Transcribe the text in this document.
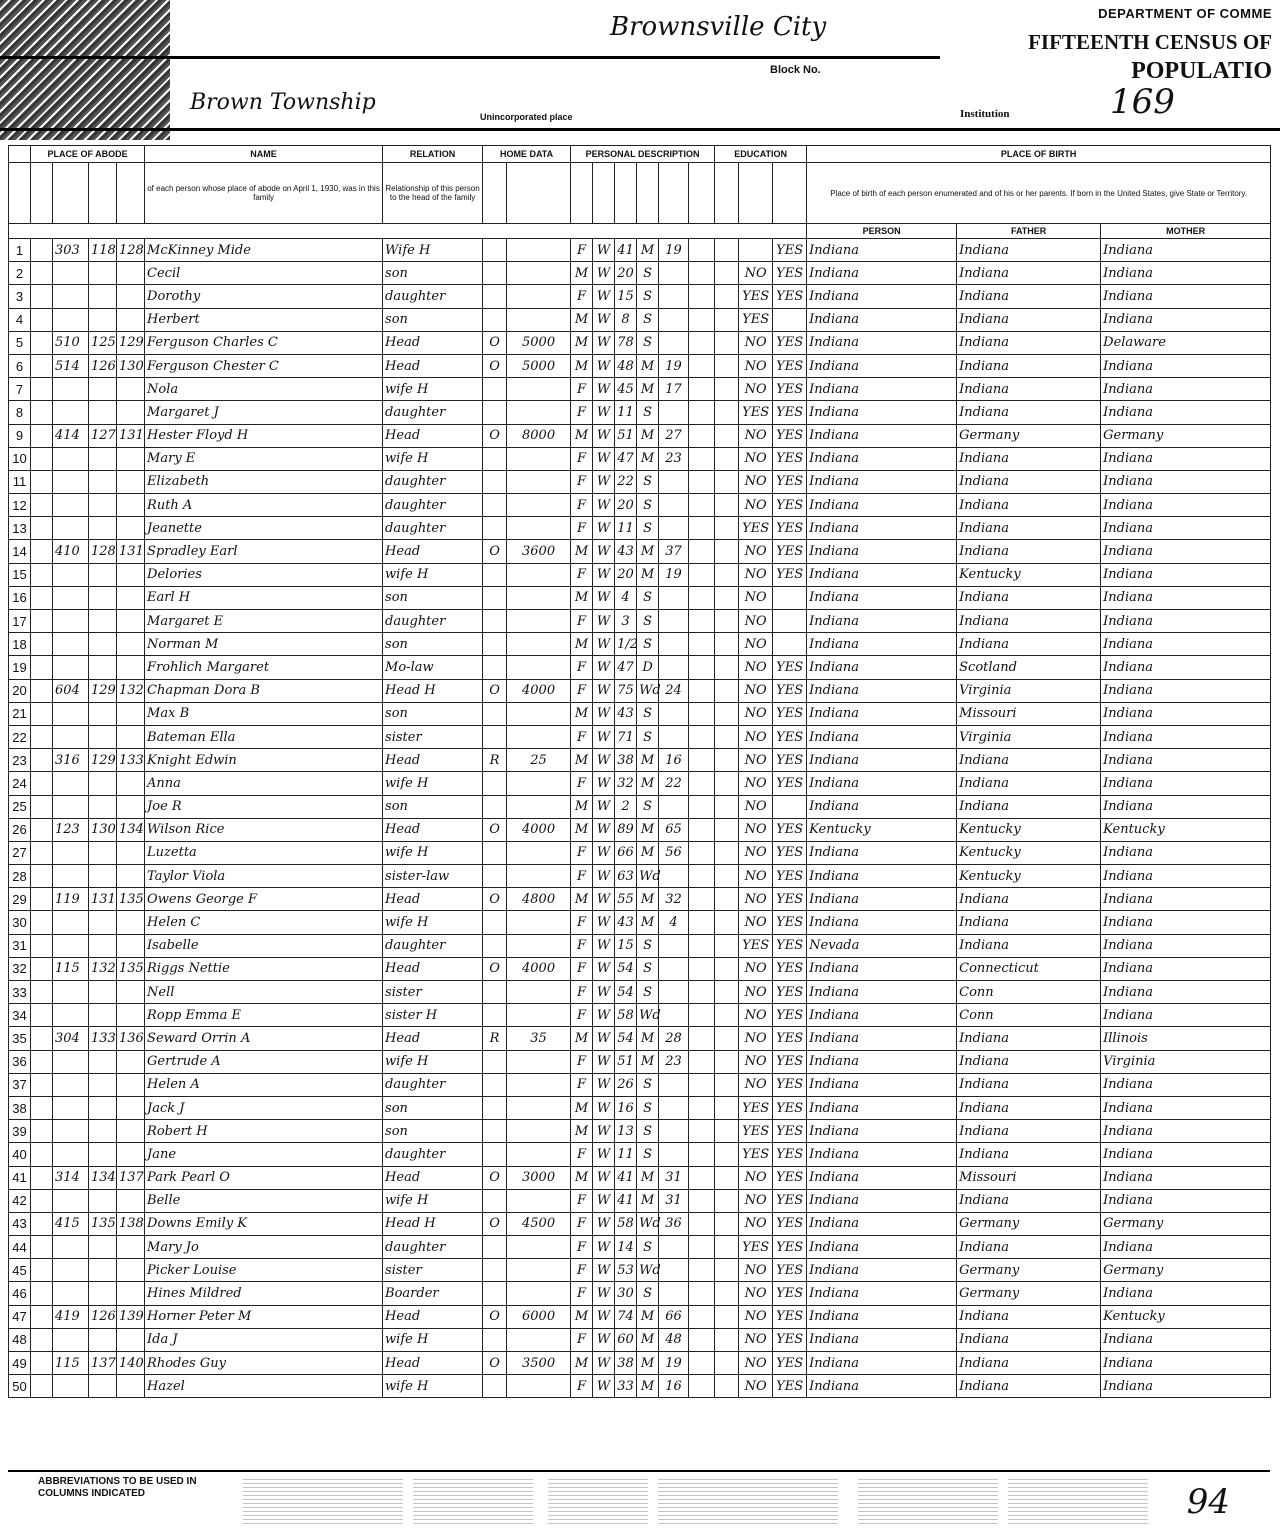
Brownsville City
Brown Township
Unincorporated place
Block No.
DEPARTMENT OF COMME
FIFTEENTH CENSUS OF
POPULATIO
Institution	169
	PLACE OF ABODE				NAME	RELATION	HOME DATA		PERSONAL DESCRIPTION						EDUCATION			PLACE OF BIRTH		
					of each person whose place of abode on April 1, 1930, was in this family	Relationship of this person to the head of the family												Place of birth of each person enumerated and of his or her parents. If born in the United States, give State or Territory.		
																		PERSON	FATHER	MOTHER
1		303	118	128	McKinney Mide	Wife H			F	W	41	M	19				YES	Indiana	Indiana	Indiana
2					Cecil	son			M	W	20	S				NO	YES	Indiana	Indiana	Indiana
3					Dorothy	daughter			F	W	15	S				YES	YES	Indiana	Indiana	Indiana
4					Herbert	son			M	W	8	S				YES		Indiana	Indiana	Indiana
5		510	125	129	Ferguson Charles C	Head	O	5000	M	W	78	S				NO	YES	Indiana	Indiana	Delaware
6		514	126	130	Ferguson Chester C	Head	O	5000	M	W	48	M	19			NO	YES	Indiana	Indiana	Indiana
7					Nola	wife H			F	W	45	M	17			NO	YES	Indiana	Indiana	Indiana
8					Margaret J	daughter			F	W	11	S				YES	YES	Indiana	Indiana	Indiana
9		414	127	131	Hester Floyd H	Head	O	8000	M	W	51	M	27			NO	YES	Indiana	Germany	Germany
10					Mary E	wife H			F	W	47	M	23			NO	YES	Indiana	Indiana	Indiana
11					Elizabeth	daughter			F	W	22	S				NO	YES	Indiana	Indiana	Indiana
12					Ruth A	daughter			F	W	20	S				NO	YES	Indiana	Indiana	Indiana
13					Jeanette	daughter			F	W	11	S				YES	YES	Indiana	Indiana	Indiana
14		410	128	131	Spradley Earl	Head	O	3600	M	W	43	M	37			NO	YES	Indiana	Indiana	Indiana
15					Delories	wife H			F	W	20	M	19			NO	YES	Indiana	Kentucky	Indiana
16					Earl H	son			M	W	4	S				NO		Indiana	Indiana	Indiana
17					Margaret E	daughter			F	W	3	S				NO		Indiana	Indiana	Indiana
18					Norman M	son			M	W	1/2	S				NO		Indiana	Indiana	Indiana
19					Frohlich Margaret	Mo-law			F	W	47	D				NO	YES	Indiana	Scotland	Indiana
20		604	129	132	Chapman Dora B	Head H	O	4000	F	W	75	Wd	24			NO	YES	Indiana	Virginia	Indiana
21					Max B	son			M	W	43	S				NO	YES	Indiana	Missouri	Indiana
22					Bateman Ella	sister			F	W	71	S				NO	YES	Indiana	Virginia	Indiana
23		316	129	133	Knight Edwin	Head	R	25	M	W	38	M	16			NO	YES	Indiana	Indiana	Indiana
24					Anna	wife H			F	W	32	M	22			NO	YES	Indiana	Indiana	Indiana
25					Joe R	son			M	W	2	S				NO		Indiana	Indiana	Indiana
26		123	130	134	Wilson Rice	Head	O	4000	M	W	89	M	65			NO	YES	Kentucky	Kentucky	Kentucky
27					Luzetta	wife H			F	W	66	M	56			NO	YES	Indiana	Kentucky	Indiana
28					Taylor Viola	sister-law			F	W	63	Wd				NO	YES	Indiana	Kentucky	Indiana
29		119	131	135	Owens George F	Head	O	4800	M	W	55	M	32			NO	YES	Indiana	Indiana	Indiana
30					Helen C	wife H			F	W	43	M	4			NO	YES	Indiana	Indiana	Indiana
31					Isabelle	daughter			F	W	15	S				YES	YES	Nevada	Indiana	Indiana
32		115	132	135	Riggs Nettie	Head	O	4000	F	W	54	S				NO	YES	Indiana	Connecticut	Indiana
33					Nell	sister			F	W	54	S				NO	YES	Indiana	Conn	Indiana
34					Ropp Emma E	sister H			F	W	58	Wd				NO	YES	Indiana	Conn	Indiana
35		304	133	136	Seward Orrin A	Head	R	35	M	W	54	M	28			NO	YES	Indiana	Indiana	Illinois
36					Gertrude A	wife H			F	W	51	M	23			NO	YES	Indiana	Indiana	Virginia
37					Helen A	daughter			F	W	26	S				NO	YES	Indiana	Indiana	Indiana
38					Jack J	son			M	W	16	S				YES	YES	Indiana	Indiana	Indiana
39					Robert H	son			M	W	13	S				YES	YES	Indiana	Indiana	Indiana
40					Jane	daughter			F	W	11	S				YES	YES	Indiana	Indiana	Indiana
41		314	134	137	Park Pearl O	Head	O	3000	M	W	41	M	31			NO	YES	Indiana	Missouri	Indiana
42					Belle	wife H			F	W	41	M	31			NO	YES	Indiana	Indiana	Indiana
43		415	135	138	Downs Emily K	Head H	O	4500	F	W	58	Wd	36			NO	YES	Indiana	Germany	Germany
44					Mary Jo	daughter			F	W	14	S				YES	YES	Indiana	Indiana	Indiana
45					Picker Louise	sister			F	W	53	Wd				NO	YES	Indiana	Germany	Germany
46					Hines Mildred	Boarder			F	W	30	S				NO	YES	Indiana	Germany	Indiana
47		419	126	139	Horner Peter M	Head	O	6000	M	W	74	M	66			NO	YES	Indiana	Indiana	Kentucky
48					Ida J	wife H			F	W	60	M	48			NO	YES	Indiana	Indiana	Indiana
49		115	137	140	Rhodes Guy	Head	O	3500	M	W	38	M	19			NO	YES	Indiana	Indiana	Indiana
50					Hazel	wife H			F	W	33	M	16			NO	YES	Indiana	Indiana	Indiana
ABBREVIATIONS TO BE USED IN COLUMNS INDICATED	94
